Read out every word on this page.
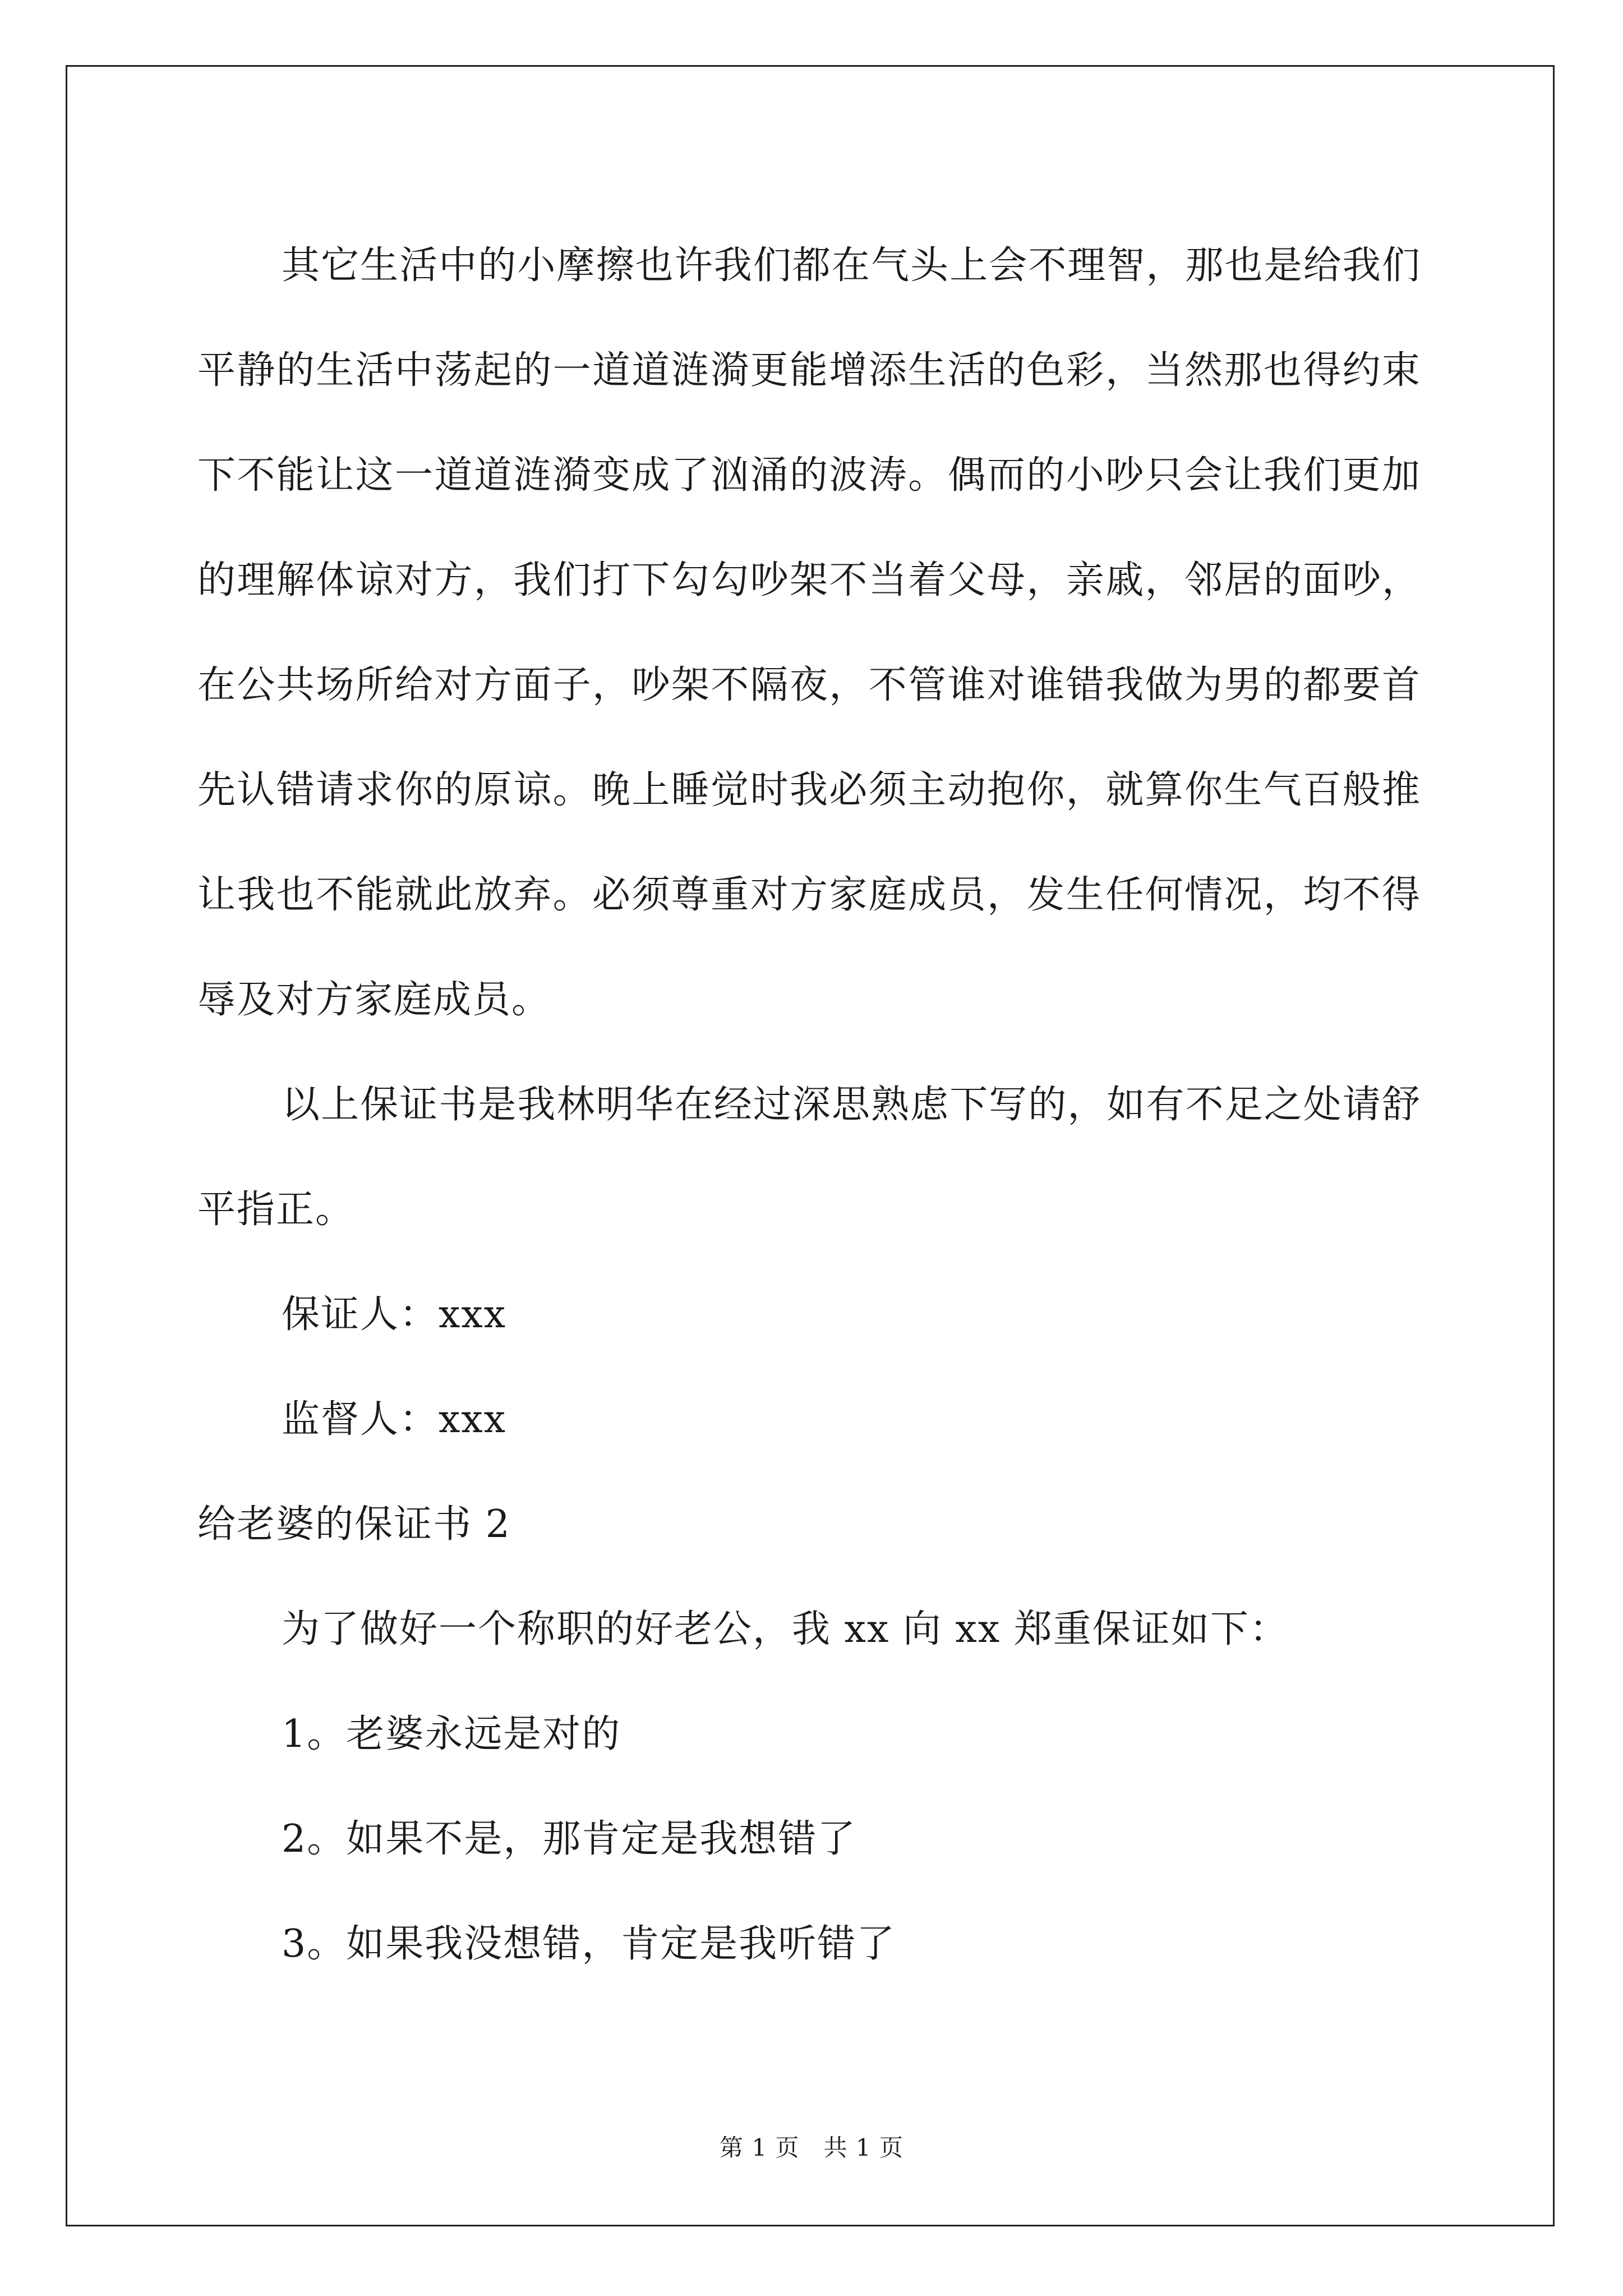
其它生活中的小摩擦也许我们都在气头上会不理智，那也是给我们平静的生活中荡起的一道道涟漪更能增添生活的色彩，当然那也得约束下不能让这一道道涟漪变成了汹涌的波涛。偶而的小吵只会让我们更加的理解体谅对方，我们打下勾勾吵架不当着父母，亲戚，邻居的面吵，在公共场所给对方面子，吵架不隔夜，不管谁对谁错我做为男的都要首先认错请求你的原谅。晚上睡觉时我必须主动抱你，就算你生气百般推让我也不能就此放弃。必须尊重对方家庭成员，发生任何情况，均不得辱及对方家庭成员。

以上保证书是我林明华在经过深思熟虑下写的，如有不足之处请舒平指正。

保证人：xxx

监督人：xxx

给老婆的保证书 2

为了做好一个称职的好老公，我 xx 向 xx 郑重保证如下：

1。老婆永远是对的

2。如果不是，那肯定是我想错了

3。如果我没想错，肯定是我听错了

第 1 页 共 1 页
